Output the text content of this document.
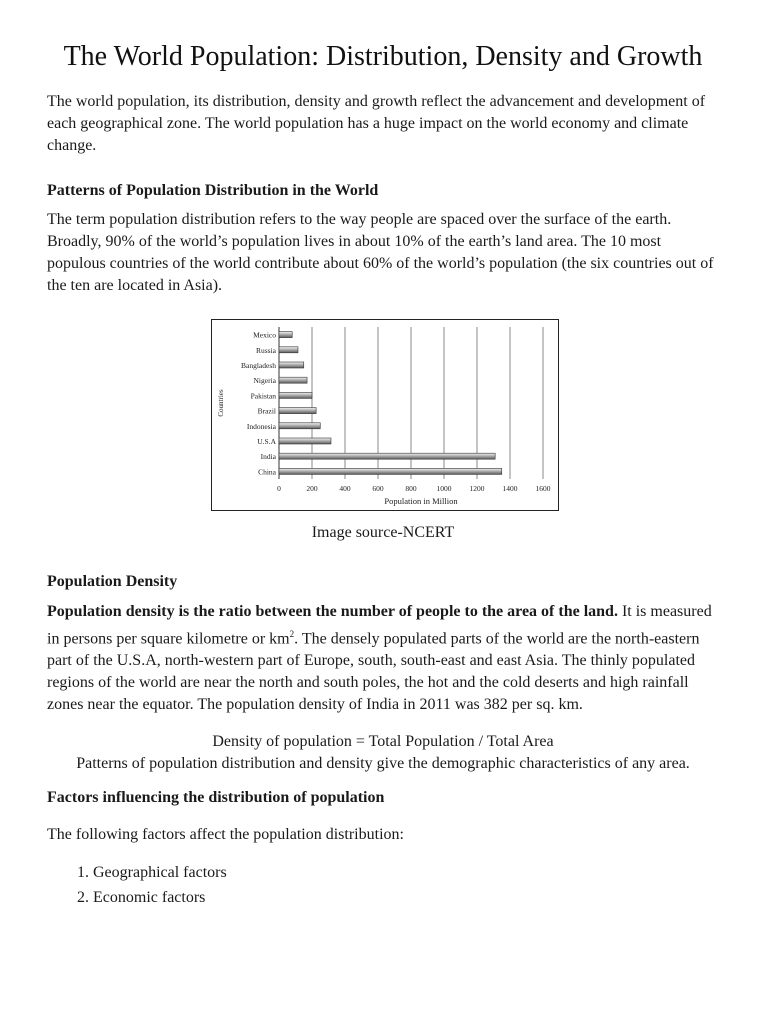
The World Population: Distribution, Density and Growth

The world population, its distribution, density and growth reflect the advancement and development of each geographical zone. The world population has a huge impact on the world economy and climate change.

Patterns of Population Distribution in the World

The term population distribution refers to the way people are spaced over the surface of the earth. Broadly, 90% of the world’s population lives in about 10% of the earth’s land area. The 10 most populous countries of the world contribute about 60% of the world’s population (the six countries out of the ten are located in Asia).

0	200	400	600	800	1000 1200 1400 1600
Mexico
Russia
Bangladesh
Nigeria
Pakistan
Brazil
Indonesia
U.S.A
India
China
Population in Million
Countries

Image source-NCERT

Population Density

Population density is the ratio between the number of people to the area of the land. It is measured in persons per square kilometre or $km^2$. The densely populated parts of the world are the north-eastern part of the U.S.A, north-western part of Europe, south, south-east and east Asia. The thinly populated regions of the world are near the north and south poles, the hot and the cold deserts and high rainfall zones near the equator. The population density of India in 2011 was 382 per sq. km.

Density of population = Total Population / Total Area

Patterns of population distribution and density give the demographic characteristics of any area.

Factors influencing the distribution of population

The following factors affect the population distribution:

1. Geographical factors
2. Economic factors
